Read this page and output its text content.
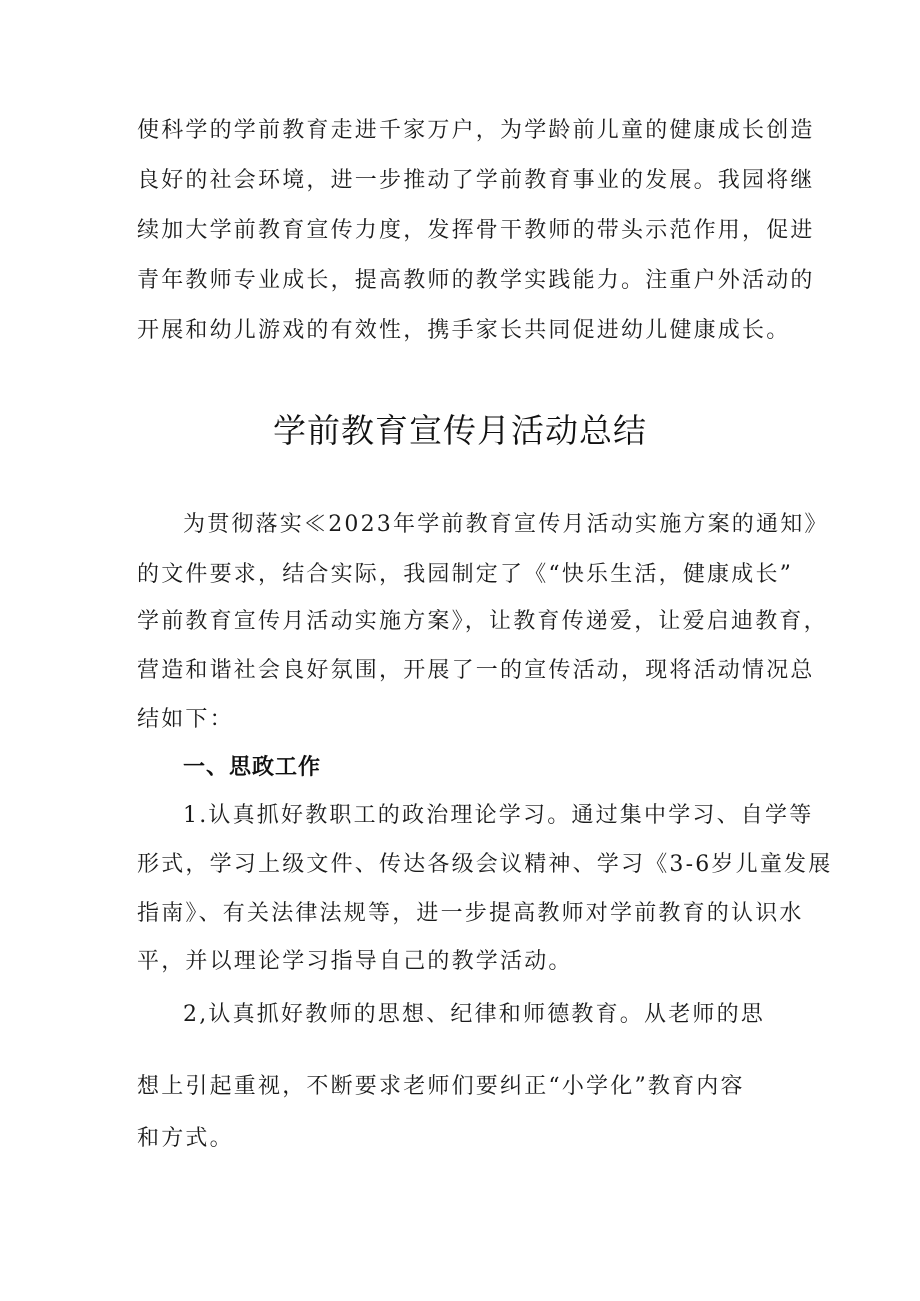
使科学的学前教育走进千家万户，为学龄前儿童的健康成长创造
良好的社会环境，进一步推动了学前教育事业的发展。我园将继
续加大学前教育宣传力度，发挥骨干教师的带头示范作用，促进
青年教师专业成长，提高教师的教学实践能力。注重户外活动的
开展和幼儿游戏的有效性，携手家长共同促进幼儿健康成长。
学前教育宣传月活动总结
为贯彻落实≪2023年学前教育宣传月活动实施方案的通知》
的文件要求，结合实际，我园制定了《“快乐生活，健康成长”
学前教育宣传月活动实施方案》，让教育传递爱，让爱启迪教育，
营造和谐社会良好氛围，开展了一的宣传活动，现将活动情况总
结如下：
一、思政工作
1.认真抓好教职工的政治理论学习。通过集中学习、自学等
形式，学习上级文件、传达各级会议精神、学习《3-6岁儿童发展
指南》、有关法律法规等，进一步提高教师对学前教育的认识水
平，并以理论学习指导自己的教学活动。
2,认真抓好教师的思想、纪律和师德教育。从老师的思
想上引起重视，不断要求老师们要纠正“小学化”教育内容
和方式。
